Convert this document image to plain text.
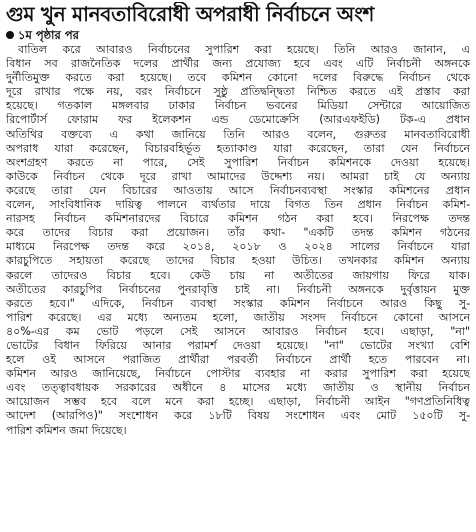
গুম খুন মানবতাবিরোধী অপরাধী নির্বাচনে অংশ
১ম পৃষ্ঠার পর
বাতিল করে আবারও নির্বাচনের সুপারিশ করা হয়েছে। তিনি আরও জানান, এ
বিধান সব রাজনৈতিক দলের প্রার্থীর জন্য প্রযোজ্য হবে এবং এটি নির্বাচনী অঙ্গনকে
দুর্নীতিমুক্ত করতে করা হয়েছে। তবে কমিশন কোনো দলের বিরুদ্ধে নির্বাচন থেকে
দূরে রাখার পক্ষে নয়, বরং নির্বাচনে সুষ্ঠু প্রতিদ্বন্দ্বিতা নিশ্চিত করতে এই প্রস্তাব করা
হয়েছে। গতকাল মঙ্গলবার ঢাকার নির্বাচন ভবনের মিডিয়া সেন্টারে আয়োজিত
রিপোর্টার্স ফোরাম ফর ইলেকশন এন্ড ডেমোক্রেসি (আরএফইডি) টক-এ প্রধান
অতিথির বক্তব্যে এ কথা জানিয়ে তিনি আরও বলেন, গুরুতর মানবতাবিরোধী
অপরাধ যারা করেছেন, বিচারবহির্ভূত হত্যাকাণ্ড যারা করেছেন, তারা যেন নির্বাচনে
অংশগ্রহণ করতে না পারে, সেই সুপারিশ নির্বাচন কমিশনকে দেওয়া হয়েছে।
কাউকে নির্বাচন থেকে দূরে রাখা আমাদের উদ্দেশ্য নয়। আমরা চাই যে অন্যায়
করেছে তারা যেন বিচারের আওতায় আসে নির্বাচনব্যবস্থা সংস্কার কমিশনের প্রধান
বলেন, সাংবিধানিক দায়িত্ব পালনে ব্যর্থতার দায়ে বিগত তিন প্রধান নির্বাচন কমিশ-
নারসহ নির্বাচন কমিশনারদের বিচারে কমিশন গঠন করা হবে। নিরপেক্ষ তদন্ত
করে তাদের বিচার করা প্রয়োজন। তাঁর কথা- "একটি তদন্ত কমিশন গঠনের
মাধ্যমে নিরপেক্ষ তদন্ত করে ২০১৪, ২০১৮ ও ২০২৪ সালের নির্বাচনে যারা
কারচুপিতে সহায়তা করেছে তাদের বিচার হওয়া উচিত। তখনকার কমিশন অন্যায়
করলে তাদেরও বিচার হবে। কেউ চায় না অতীতের জায়গায় ফিরে যাক।
অতীতের কারচুপির নির্বাচনের পুনরাবৃত্তি চাই না। নির্বাচনী অঙ্গনকে দুর্বৃত্তায়ন মুক্ত
করতে হবে।" এদিকে, নির্বাচন ব্যবস্থা সংস্কার কমিশন নির্বাচনে আরও কিছু সু-
পারিশ করেছে। এর মধ্যে অন্যতম হলো, জাতীয় সংসদ নির্বাচনে কোনো আসনে
৪০%-এর কম ভোট পড়লে সেই আসনে আবারও নির্বাচন হবে। এছাড়া, "না"
ভোটের বিধান ফিরিয়ে আনার পরামর্শ দেওয়া হয়েছে। "না" ভোটের সংখ্যা বেশি
হলে ওই আসনে পরাজিত প্রার্থীরা পরবর্তী নির্বাচনে প্রার্থী হতে পারবেন না।
কমিশন আরও জানিয়েছে, নির্বাচনে পোস্টার ব্যবহার না করার সুপারিশ করা হয়েছে
এবং তত্ত্বাবধায়ক সরকারের অধীনে ৪ মাসের মধ্যে জাতীয় ও স্থানীয় নির্বাচন
আয়োজন সম্ভব হবে বলে মনে করা হচ্ছে। এছাড়া, নির্বাচনী আইন "গণপ্রতিনিধিত্ব
আদেশ (আরপিও)" সংশোধন করে ১৮টি বিষয় সংশোধন এবং মোট ১৫০টি সু-
পারিশ কমিশন জমা দিয়েছে।
